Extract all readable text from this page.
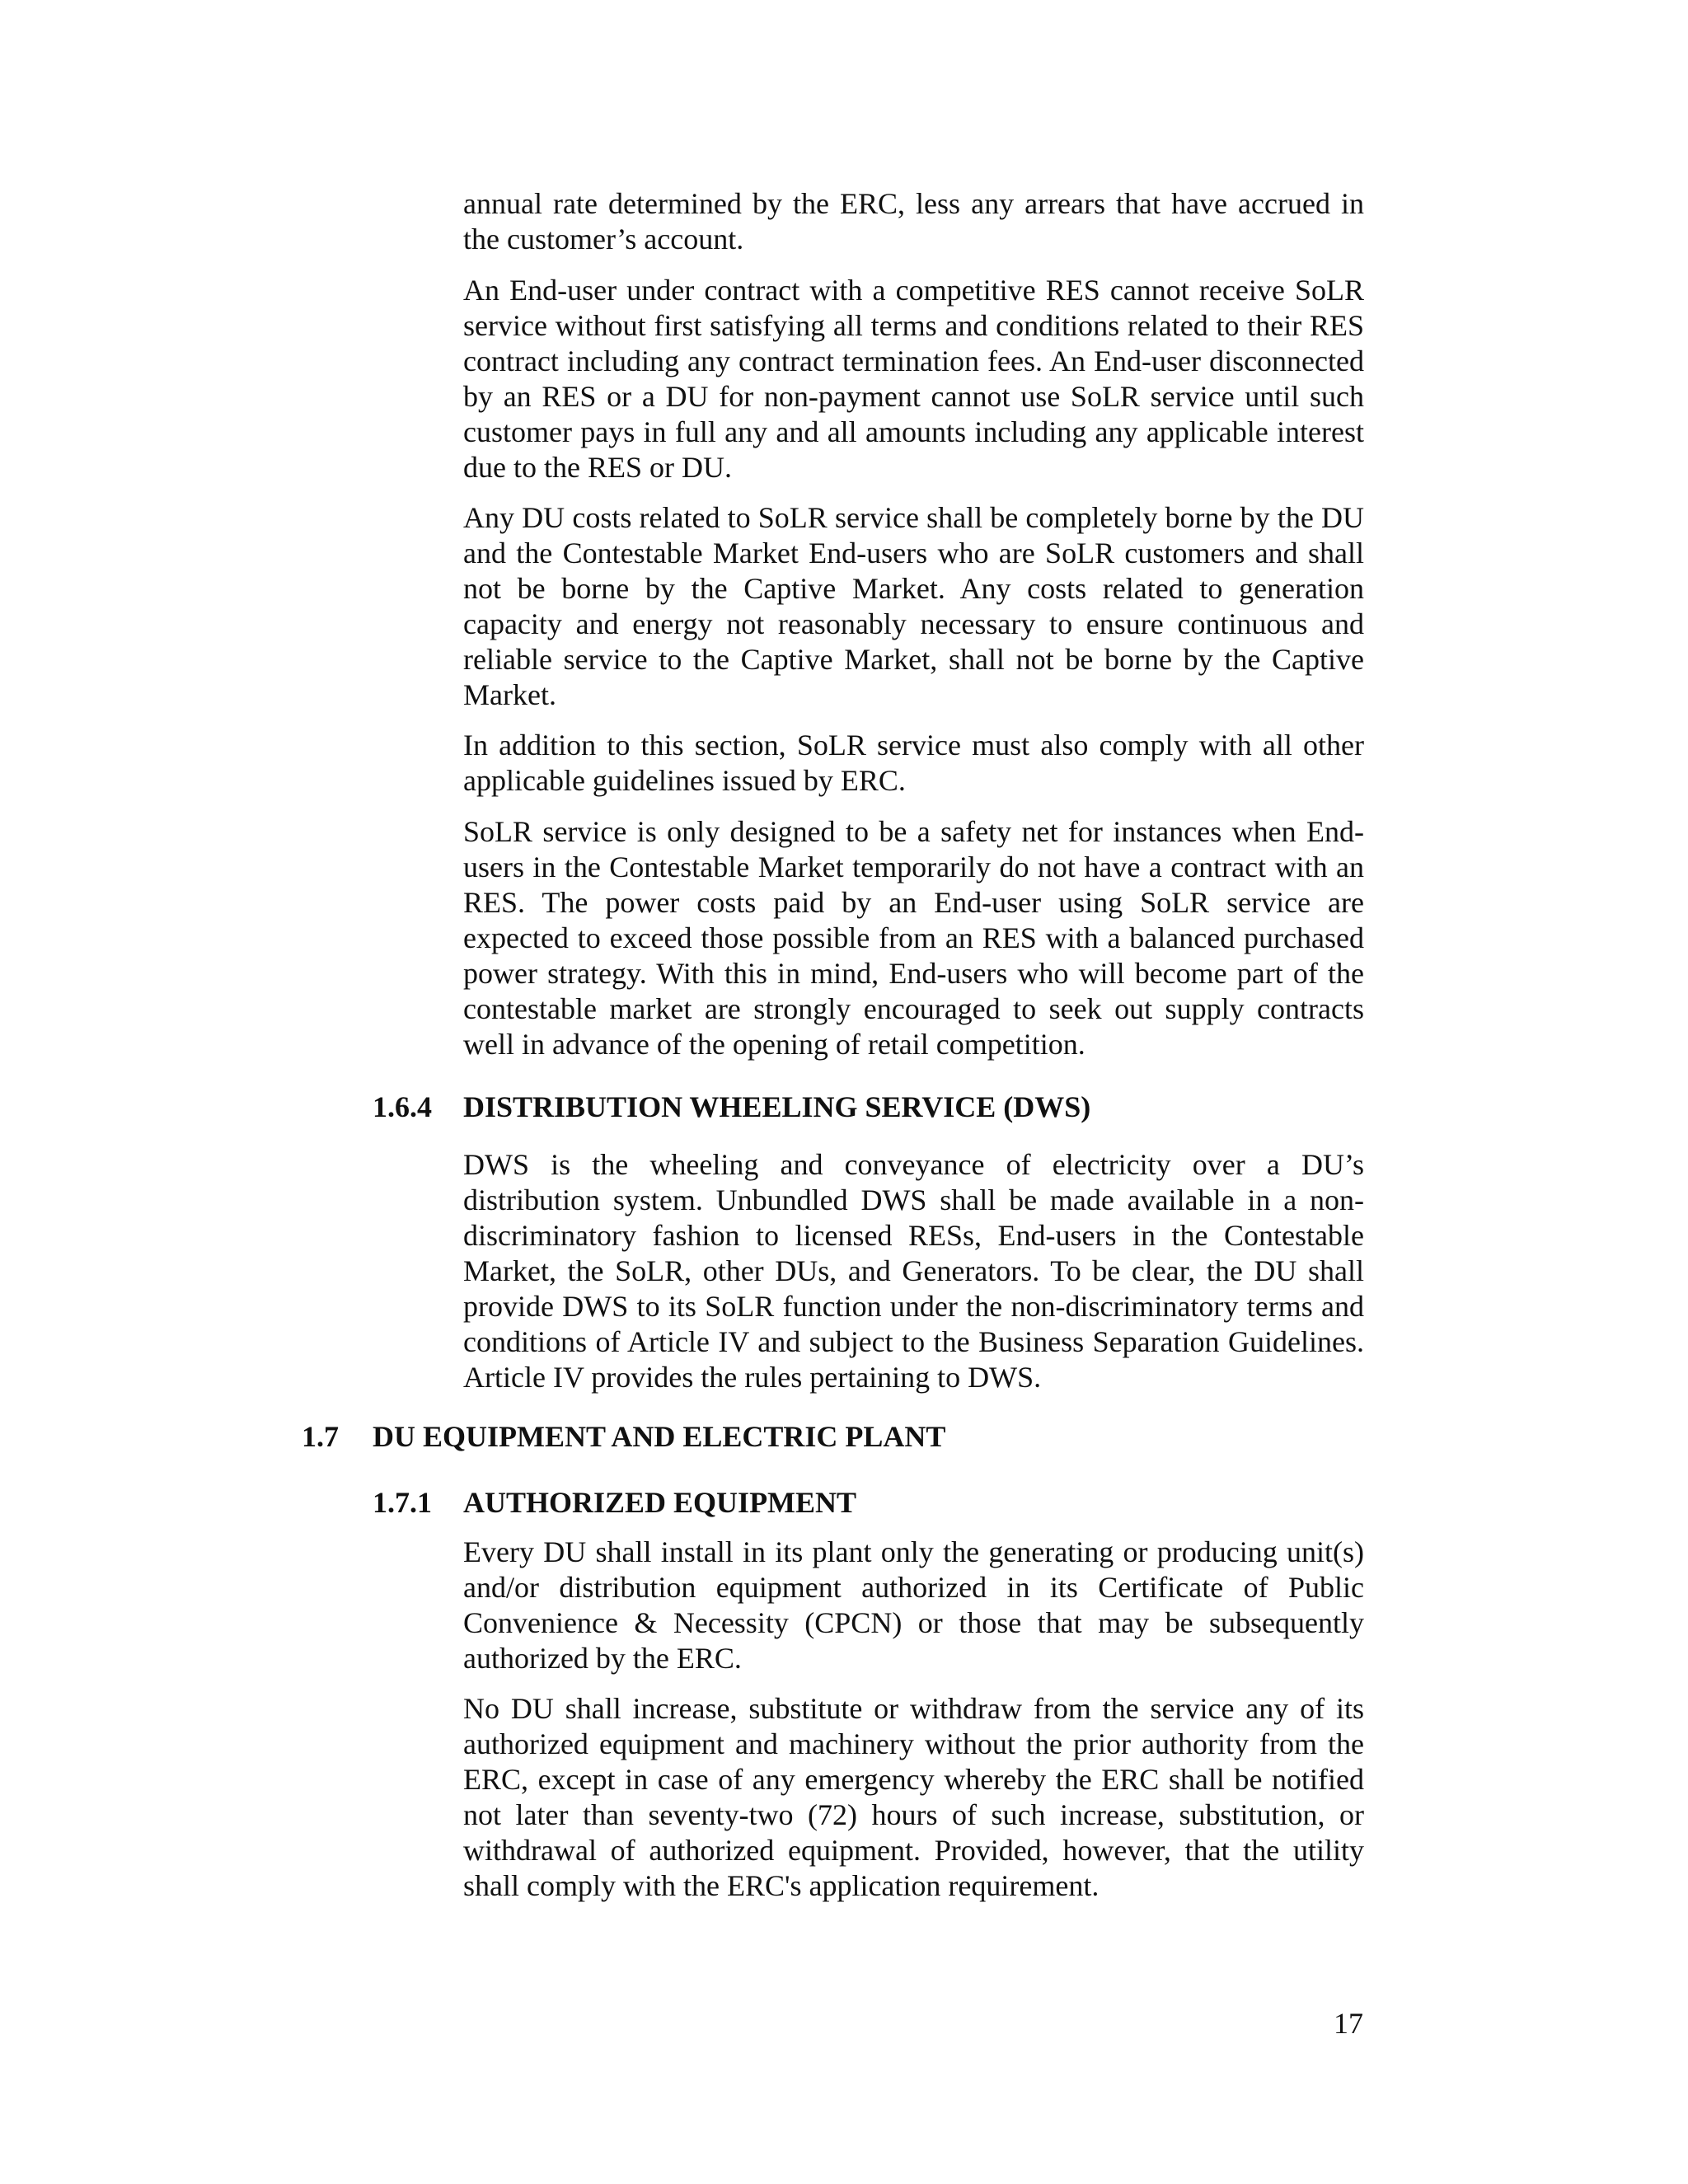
annual rate determined by the ERC, less any arrears that have accrued in the customer’s account.

An End-user under contract with a competitive RES cannot receive SoLR service without first satisfying all terms and conditions related to their RES contract including any contract termination fees. An End-user disconnected by an RES or a DU for non-payment cannot use SoLR service until such customer pays in full any and all amounts including any applicable interest due to the RES or DU.

Any DU costs related to SoLR service shall be completely borne by the DU and the Contestable Market End-users who are SoLR customers and shall not be borne by the Captive Market. Any costs related to generation capacity and energy not reasonably necessary to ensure continuous and reliable service to the Captive Market, shall not be borne by the Captive Market.

In addition to this section, SoLR service must also comply with all other applicable guidelines issued by ERC.

SoLR service is only designed to be a safety net for instances when End-users in the Contestable Market temporarily do not have a contract with an RES. The power costs paid by an End-user using SoLR service are expected to exceed those possible from an RES with a balanced purchased power strategy. With this in mind, End-users who will become part of the contestable market are strongly encouraged to seek out supply contracts well in advance of the opening of retail competition.

1.6.4 DISTRIBUTION WHEELING SERVICE (DWS)

DWS is the wheeling and conveyance of electricity over a DU’s distribution system. Unbundled DWS shall be made available in a non-discriminatory fashion to licensed RESs, End-users in the Contestable Market, the SoLR, other DUs, and Generators. To be clear, the DU shall provide DWS to its SoLR function under the non-discriminatory terms and conditions of Article IV and subject to the Business Separation Guidelines. Article IV provides the rules pertaining to DWS.

1.7 DU EQUIPMENT AND ELECTRIC PLANT
1.7.1 AUTHORIZED EQUIPMENT

Every DU shall install in its plant only the generating or producing unit(s) and/or distribution equipment authorized in its Certificate of Public Convenience & Necessity (CPCN) or those that may be subsequently authorized by the ERC.

No DU shall increase, substitute or withdraw from the service any of its authorized equipment and machinery without the prior authority from the ERC, except in case of any emergency whereby the ERC shall be notified not later than seventy-two (72) hours of such increase, substitution, or withdrawal of authorized equipment. Provided, however, that the utility shall comply with the ERC's application requirement.

17
